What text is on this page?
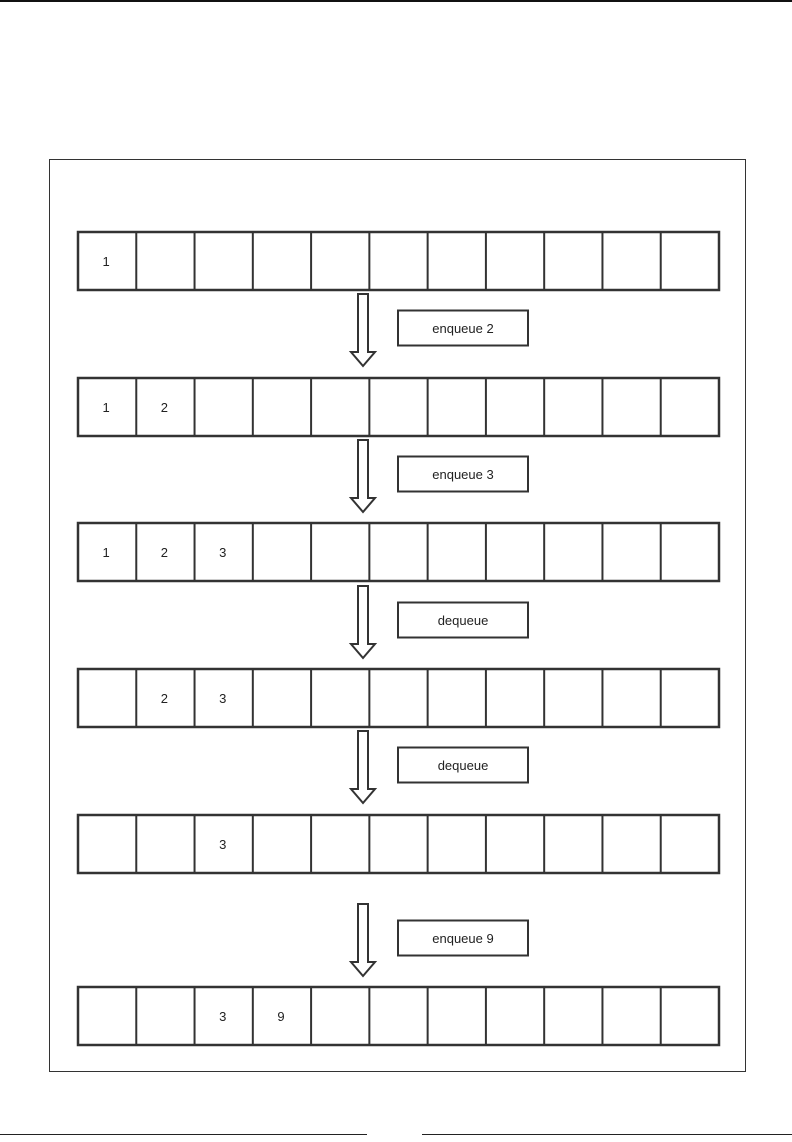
1
1	2
1	2	3
2	3
3
3	9
enqueue 2
enqueue 3
dequeue
dequeue
enqueue 9
